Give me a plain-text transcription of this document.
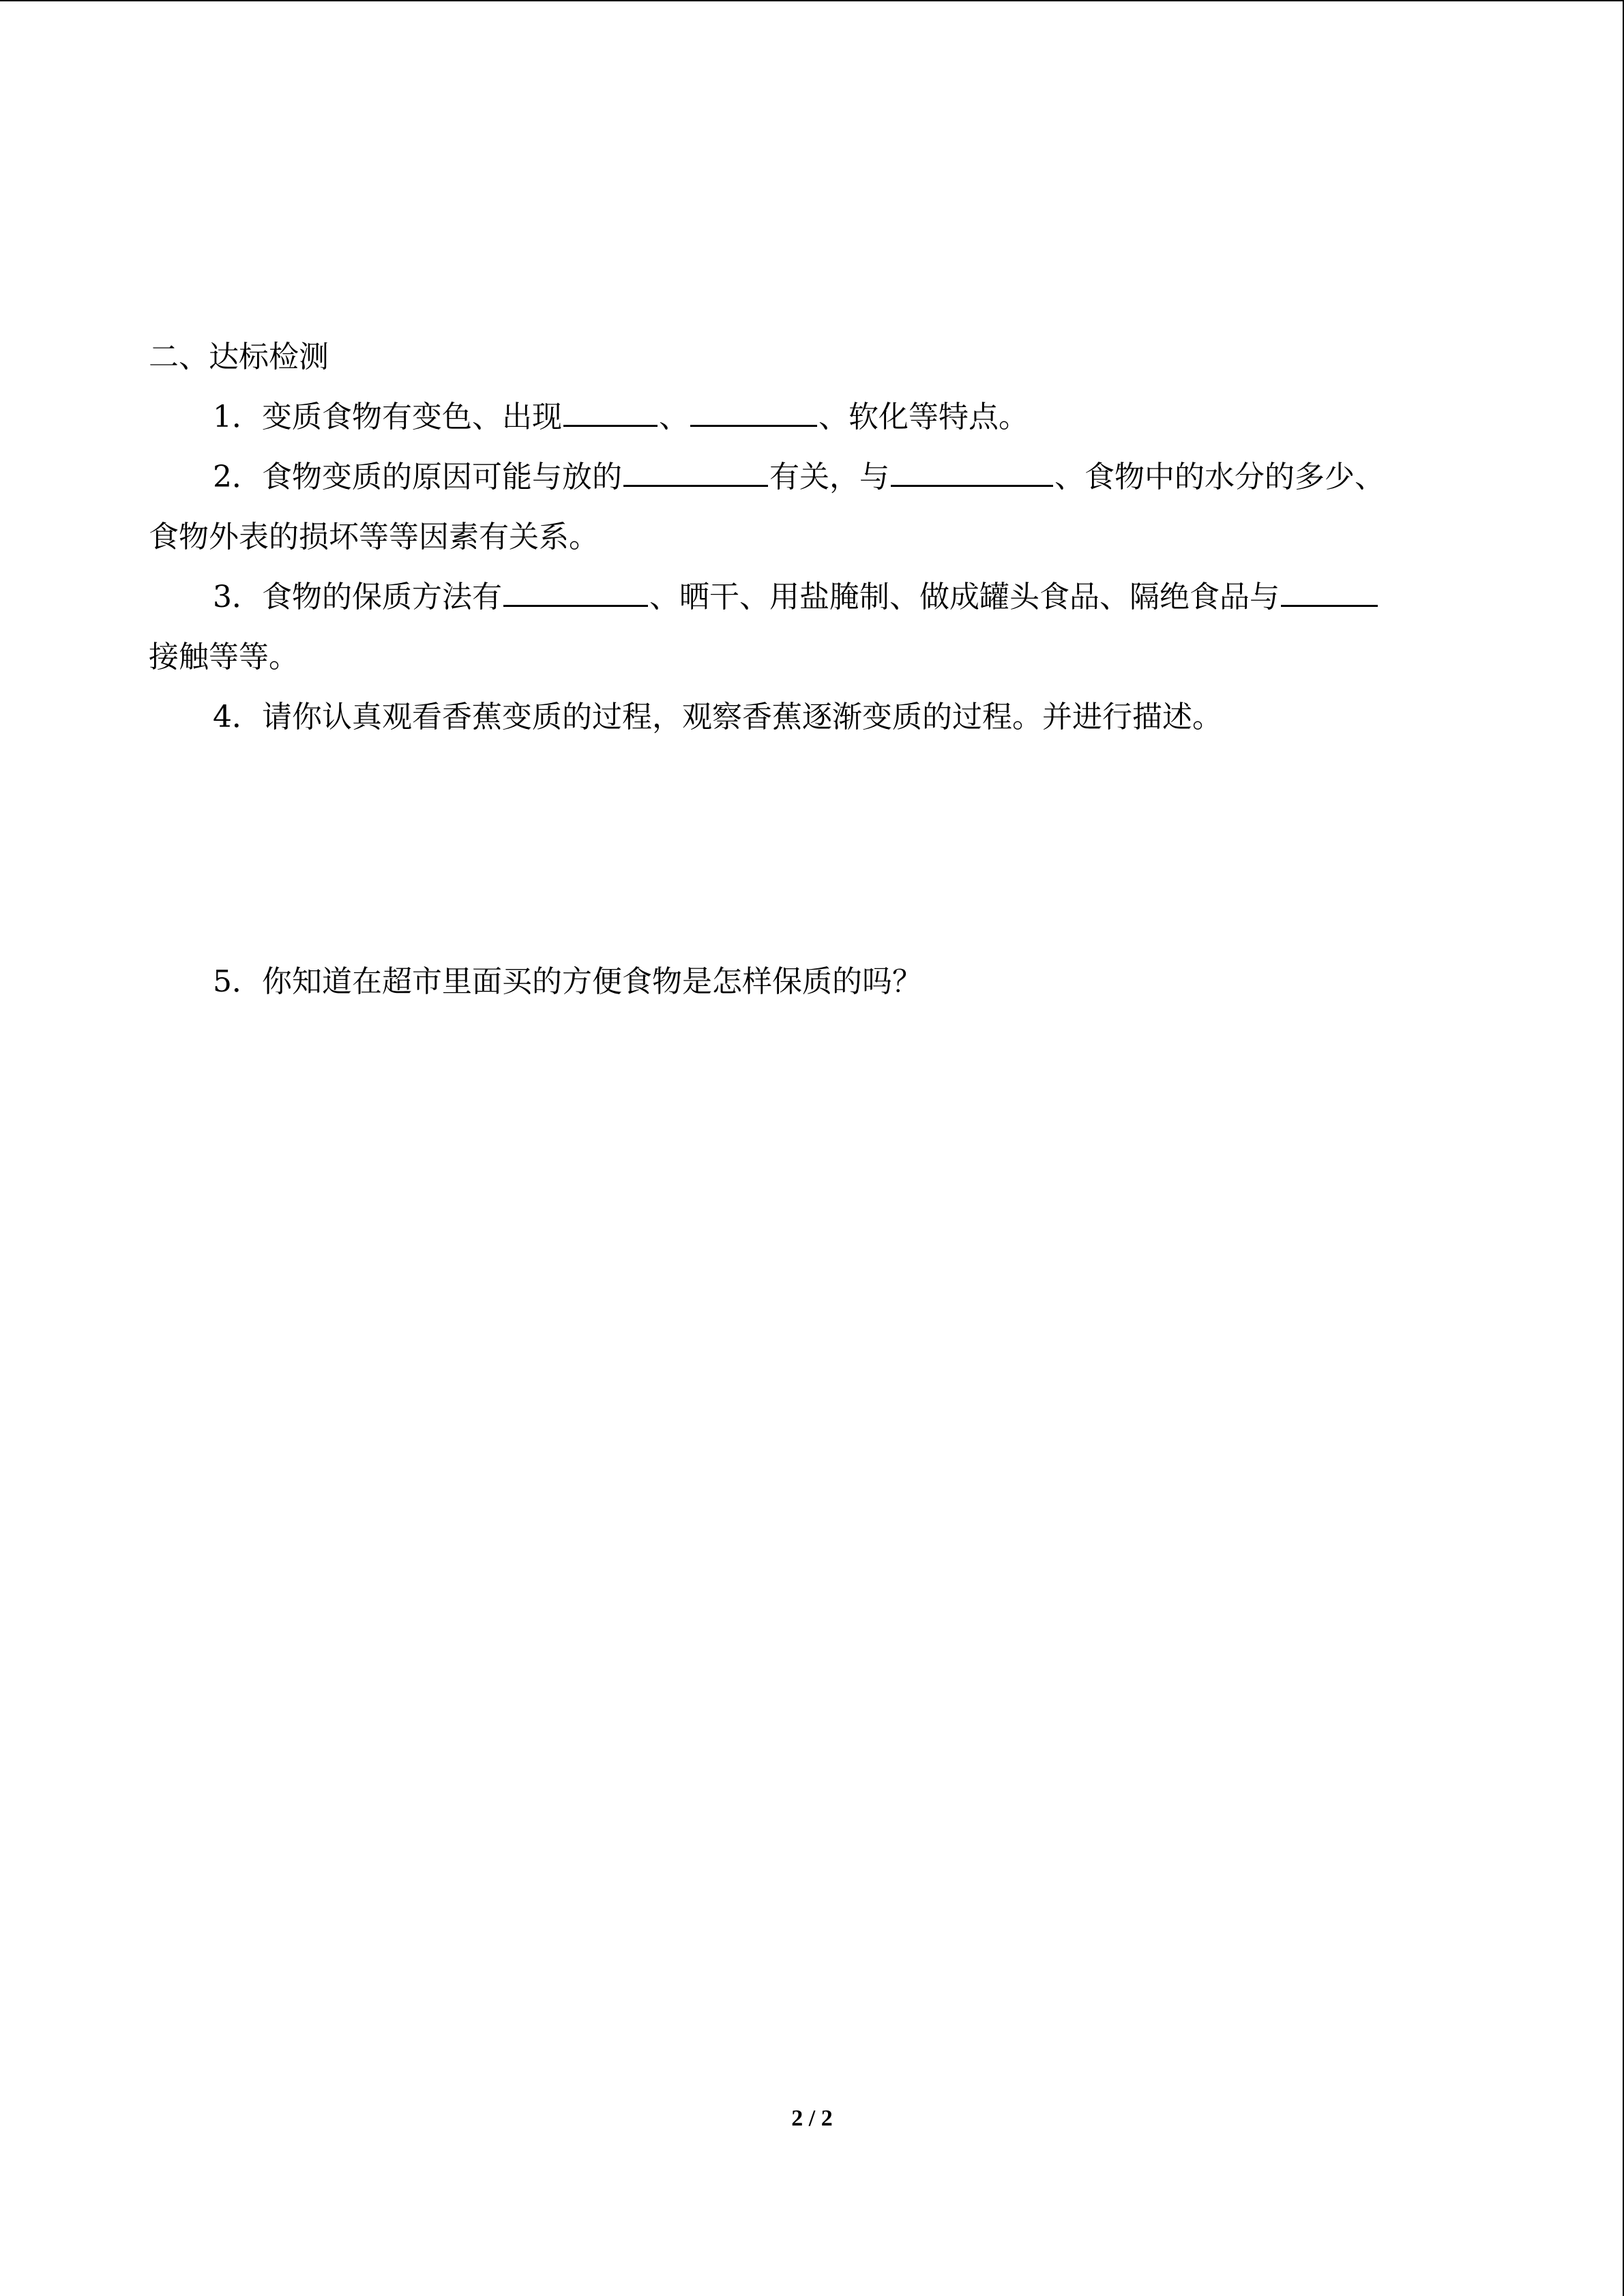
二、达标检测
1．变质食物有变色、出现	、	、软化等特点。
2．食物变质的原因可能与放的	有关，与	、食物中的水分的多少、
食物外表的损坏等等因素有关系。
3．食物的保质方法有	、晒干、用盐腌制、做成罐头食品、隔绝食品与
接触等等。
4．请你认真观看香蕉变质的过程，观察香蕉逐渐变质的过程。并进行描述。
5．你知道在超市里面买的方便食物是怎样保质的吗？
2 / 2
